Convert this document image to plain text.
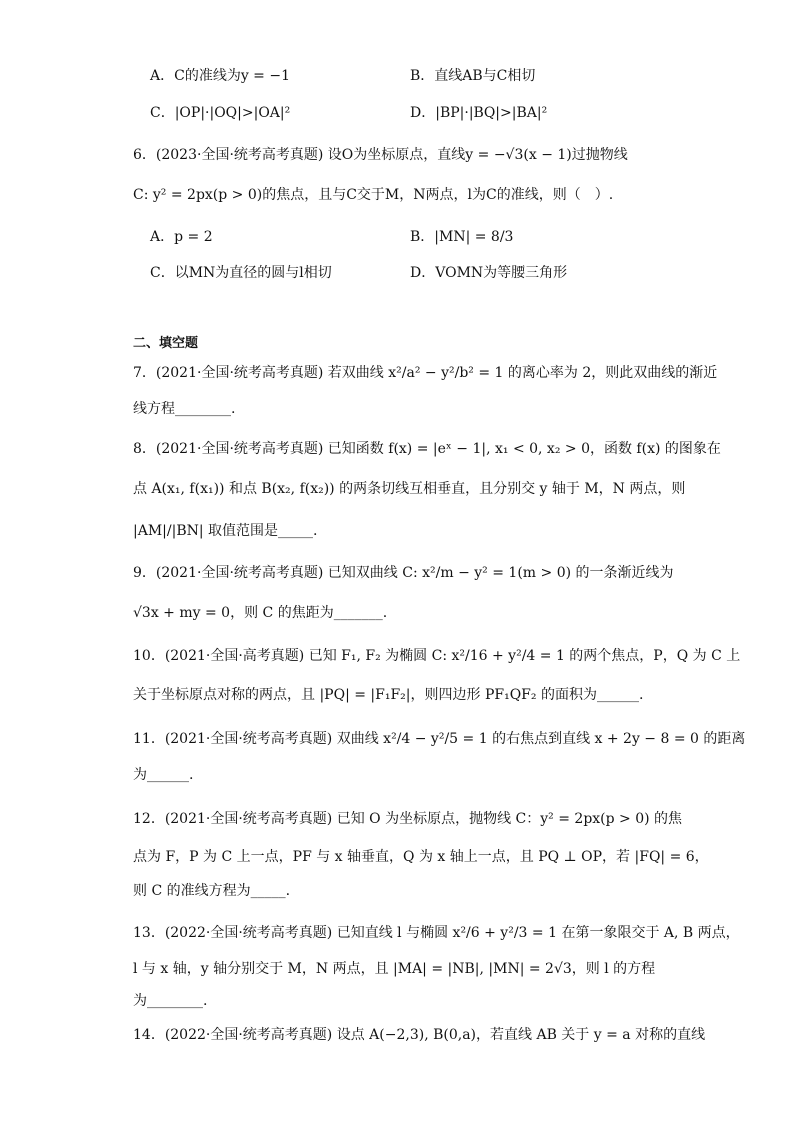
A．C的准线为y = −1	B．直线AB与C相切
C．|OP|·|OQ|>|OA|²	D．|BP|·|BQ|>|BA|²
6．(2023·全国·统考高考真题) 设O为坐标原点，直线y = −√3(x − 1)过抛物线
C: y² = 2px(p > 0)的焦点，且与C交于M，N两点，l为C的准线，则（　）.
A．p = 2	B．|MN| = 8/3
C．以MN为直径的圆与l相切	D．VOMN为等腰三角形
二、填空题
7．(2021·全国·统考高考真题) 若双曲线 x²/a² − y²/b² = 1 的离心率为 2，则此双曲线的渐近
线方程________.
8．(2021·全国·统考高考真题) 已知函数 f(x) = |eˣ − 1|, x₁ < 0, x₂ > 0，函数 f(x) 的图象在
点 A(x₁, f(x₁)) 和点 B(x₂, f(x₂)) 的两条切线互相垂直，且分别交 y 轴于 M，N 两点，则
|AM|/|BN| 取值范围是_____.
9．(2021·全国·统考高考真题) 已知双曲线 C: x²/m − y² = 1(m > 0) 的一条渐近线为
√3x + my = 0，则 C 的焦距为_______.
10．(2021·全国·高考真题) 已知 F₁, F₂ 为椭圆 C: x²/16 + y²/4 = 1 的两个焦点，P，Q 为 C 上
关于坐标原点对称的两点，且 |PQ| = |F₁F₂|，则四边形 PF₁QF₂ 的面积为______.
11．(2021·全国·统考高考真题) 双曲线 x²/4 − y²/5 = 1 的右焦点到直线 x + 2y − 8 = 0 的距离
为______.
12．(2021·全国·统考高考真题) 已知 O 为坐标原点，抛物线 C：y² = 2px(p > 0) 的焦
点为 F，P 为 C 上一点，PF 与 x 轴垂直，Q 为 x 轴上一点，且 PQ ⊥ OP，若 |FQ| = 6，
则 C 的准线方程为_____.
13．(2022·全国·统考高考真题) 已知直线 l 与椭圆 x²/6 + y²/3 = 1 在第一象限交于 A, B 两点，
l 与 x 轴，y 轴分别交于 M，N 两点，且 |MA| = |NB|, |MN| = 2√3，则 l 的方程
为________.
14．(2022·全国·统考高考真题) 设点 A(−2,3), B(0,a)，若直线 AB 关于 y = a 对称的直线
